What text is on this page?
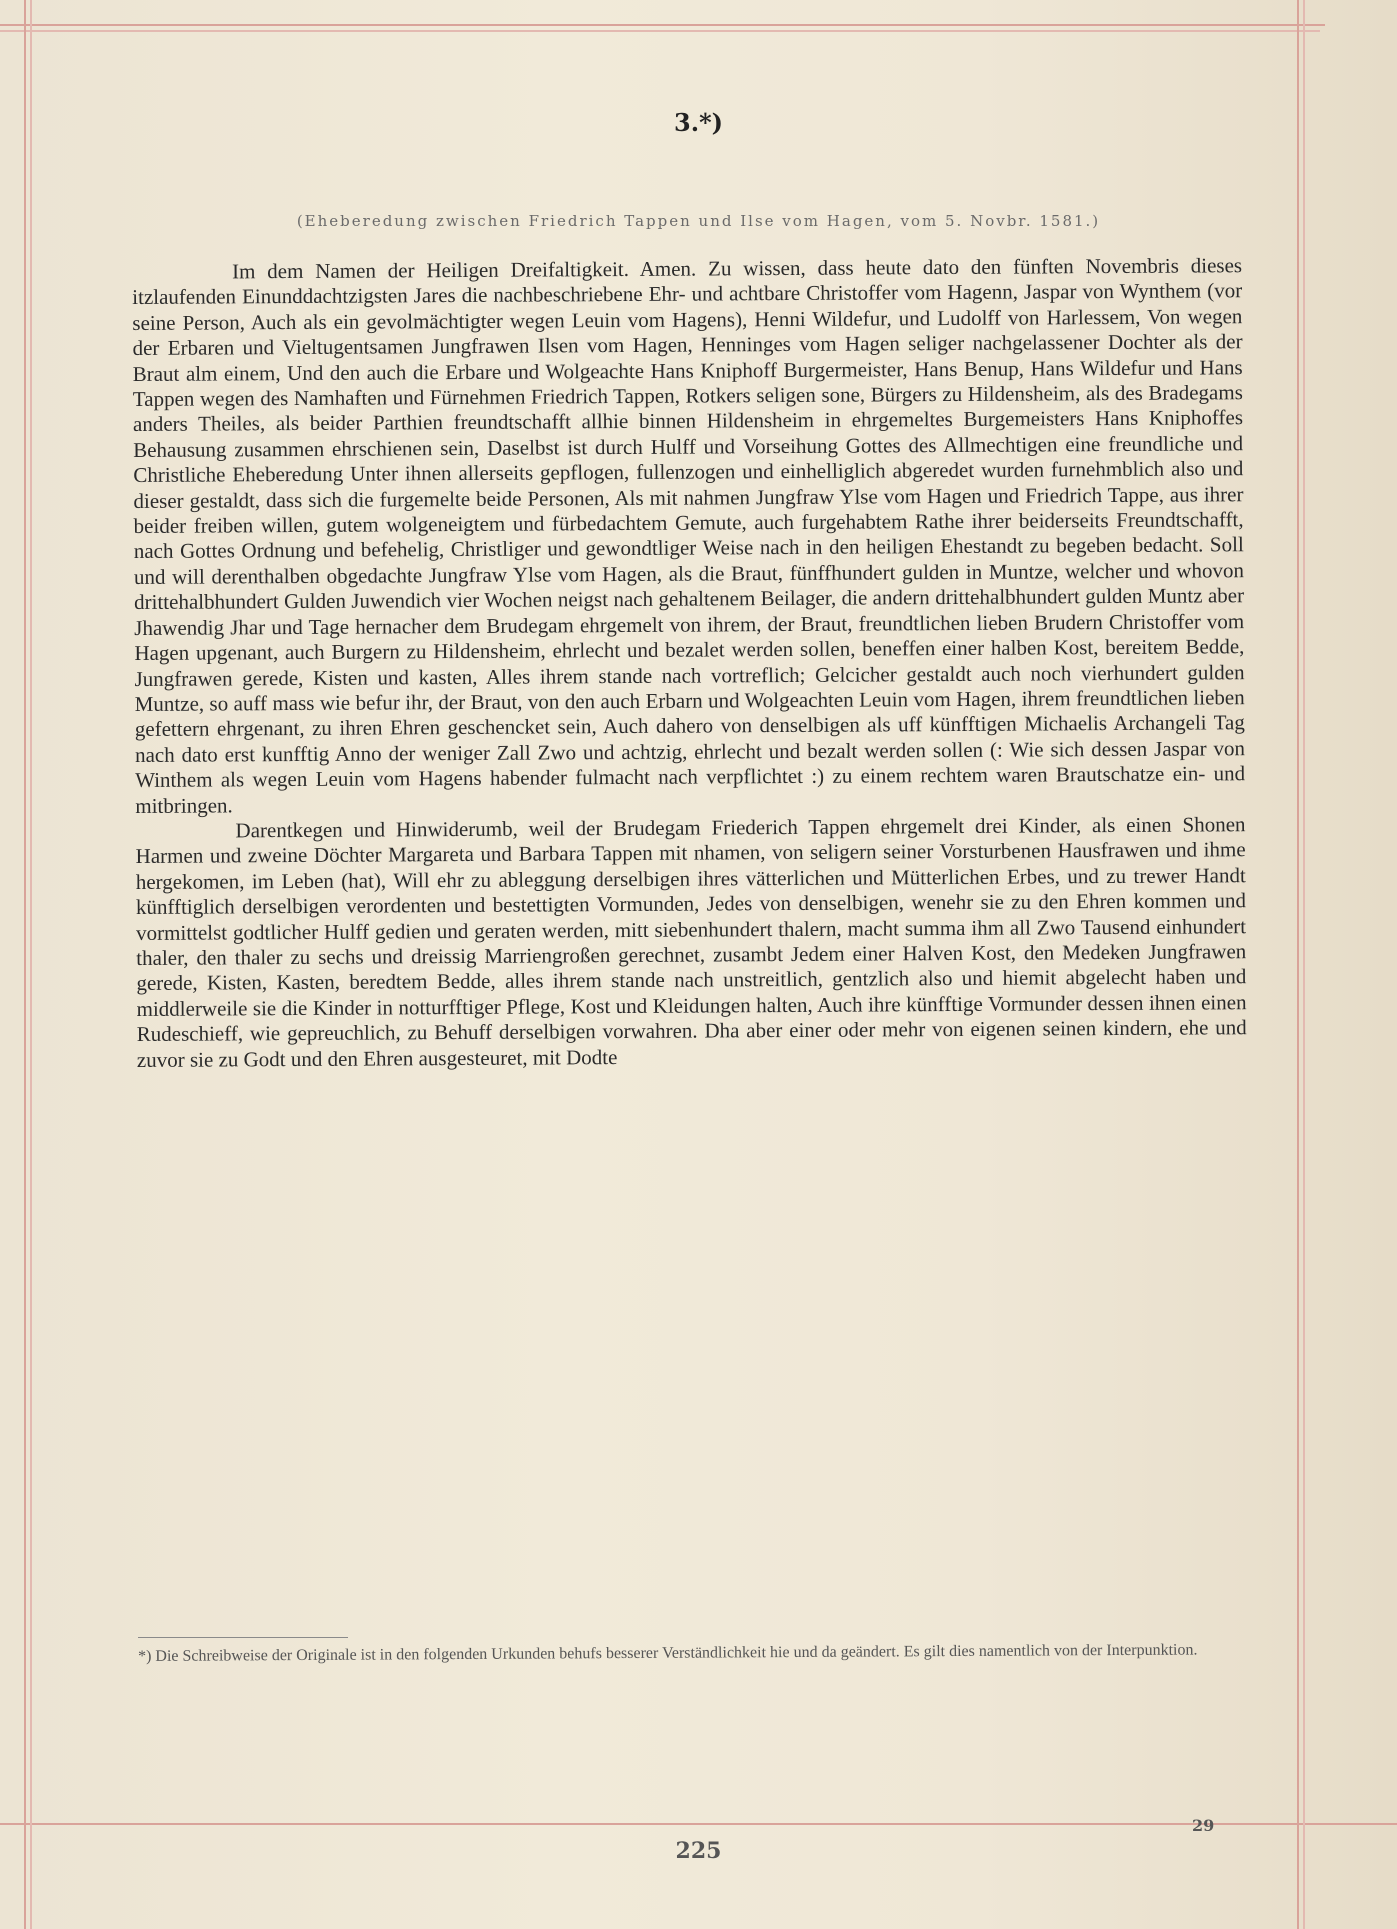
3.*)
(Eheberedung zwischen Friedrich Tappen und Ilse vom Hagen, vom 5. Novbr. 1581.)

Im dem Namen der Heiligen Dreifaltigkeit. Amen. Zu wissen, dass heute dato den fünften Novembris dieses itzlaufenden Einunddachtzigsten Jares die nachbeschriebene Ehr- und achtbare Christoffer vom Hagenn, Jaspar von Wynthem (vor seine Person, Auch als ein gevolmächtigter wegen Leuin vom Hagens), Henni Wildefur, und Ludolff von Harlessem, Von wegen der Erbaren und Vieltugentsamen Jungfrawen Ilsen vom Hagen, Henninges vom Hagen seliger nachgelassener Dochter als der Braut alm einem, Und den auch die Erbare und Wolgeachte Hans Kniphoff Burgermeister, Hans Benup, Hans Wildefur und Hans Tappen wegen des Namhaften und Fürnehmen Friedrich Tappen, Rotkers seligen sone, Bürgers zu Hildensheim, als des Bradegams anders Theiles, als beider Parthien freundtschafft allhie binnen Hildensheim in ehrgemeltes Burgemeisters Hans Kniphoffes Behausung zusammen ehrschienen sein, Daselbst ist durch Hulff und Vorseihung Gottes des Allmechtigen eine freundliche und Christliche Eheberedung Unter ihnen allerseits gepflogen, fullenzogen und einhelliglich abgeredet wurden furnehmblich also und dieser gestaldt, dass sich die furgemelte beide Personen, Als mit nahmen Jungfraw Ylse vom Hagen und Friedrich Tappe, aus ihrer beider freiben willen, gutem wolgeneigtem und fürbedachtem Gemute, auch furgehabtem Rathe ihrer beiderseits Freundtschafft, nach Gottes Ordnung und befehelig, Christliger und gewondtliger Weise nach in den heiligen Ehestandt zu begeben bedacht. Soll und will derenthalben obgedachte Jungfraw Ylse vom Hagen, als die Braut, fünffhundert gulden in Muntze, welcher und whovon drittehalbhundert Gulden Juwendich vier Wochen neigst nach gehaltenem Beilager, die andern drittehalbhundert gulden Muntz aber Jhawendig Jhar und Tage hernacher dem Brudegam ehrgemelt von ihrem, der Braut, freundtlichen lieben Brudern Christoffer vom Hagen upgenant, auch Burgern zu Hildensheim, ehrlecht und bezalet werden sollen, beneffen einer halben Kost, bereitem Bedde, Jungfrawen gerede, Kisten und kasten, Alles ihrem stande nach vortreflich; Gelcicher gestaldt auch noch vierhundert gulden Muntze, so auff mass wie befur ihr, der Braut, von den auch Erbarn und Wolgeachten Leuin vom Hagen, ihrem freundtlichen lieben gefettern ehrgenant, zu ihren Ehren geschencket sein, Auch dahero von denselbigen als uff künfftigen Michaelis Archangeli Tag nach dato erst kunfftig Anno der weniger Zall Zwo und achtzig, ehrlecht und bezalt werden sollen (: Wie sich dessen Jaspar von Winthem als wegen Leuin vom Hagens habender fulmacht nach verpflichtet :) zu einem rechtem waren Brautschatze ein- und mitbringen.

Darentkegen und Hinwiderumb, weil der Brudegam Friederich Tappen ehrgemelt drei Kinder, als einen Shonen Harmen und zweine Döchter Margareta und Barbara Tappen mit nhamen, von seligern seiner Vorsturbenen Hausfrawen und ihme hergekomen, im Leben (hat), Will ehr zu ableggung derselbigen ihres vätterlichen und Mütterlichen Erbes, und zu trewer Handt künfftiglich derselbigen verordenten und bestettigten Vormunden, Jedes von denselbigen, wenehr sie zu den Ehren kommen und vormittelst godtlicher Hulff gedien und geraten werden, mitt siebenhundert thalern, macht summa ihm all Zwo Tausend einhundert thaler, den thaler zu sechs und dreissig Marriengroßen gerechnet, zusambt Jedem einer Halven Kost, den Medeken Jungfrawen gerede, Kisten, Kasten, beredtem Bedde, alles ihrem stande nach unstreitlich, gentzlich also und hiemit abgelecht haben und middlerweile sie die Kinder in notturfftiger Pflege, Kost und Kleidungen halten, Auch ihre künfftige Vormunder dessen ihnen einen Rudeschieff, wie gepreuchlich, zu Behuff derselbigen vorwahren. Dha aber einer oder mehr von eigenen seinen kindern, ehe und zuvor sie zu Godt und den Ehren ausgesteuret, mit Dodte

*) Die Schreibweise der Originale ist in den folgenden Urkunden behufs besserer Verständlichkeit hie und da geändert. Es gilt dies namentlich von der Interpunktion.
29
225
